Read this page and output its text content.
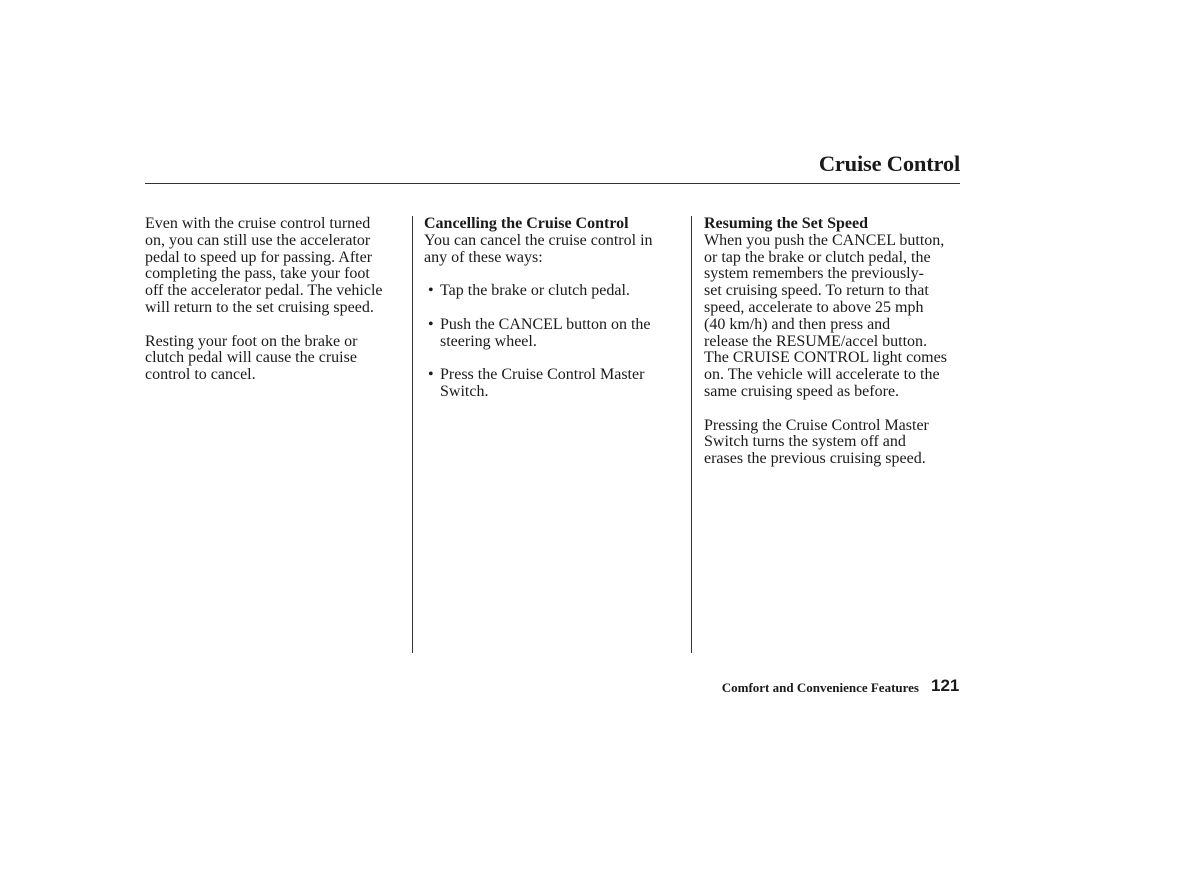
Cruise Control

Even with the cruise control turned
on, you can still use the accelerator
pedal to speed up for passing. After
completing the pass, take your foot
off the accelerator pedal. The vehicle
will return to the set cruising speed.

Resting your foot on the brake or
clutch pedal will cause the cruise
control to cancel.

Cancelling the Cruise Control

You can cancel the cruise control in
any of these ways:

• Tap the brake or clutch pedal.
• Push the CANCEL button on the
steering wheel.
• Press the Cruise Control Master
Switch.

Resuming the Set Speed

When you push the CANCEL button,
or tap the brake or clutch pedal, the
system remembers the previously-
set cruising speed. To return to that
speed, accelerate to above 25 mph
(40 km/h) and then press and
release the RESUME/accel button.
The CRUISE CONTROL light comes
on. The vehicle will accelerate to the
same cruising speed as before.

Pressing the Cruise Control Master
Switch turns the system off and
erases the previous cruising speed.

Comfort and Convenience Features 121
